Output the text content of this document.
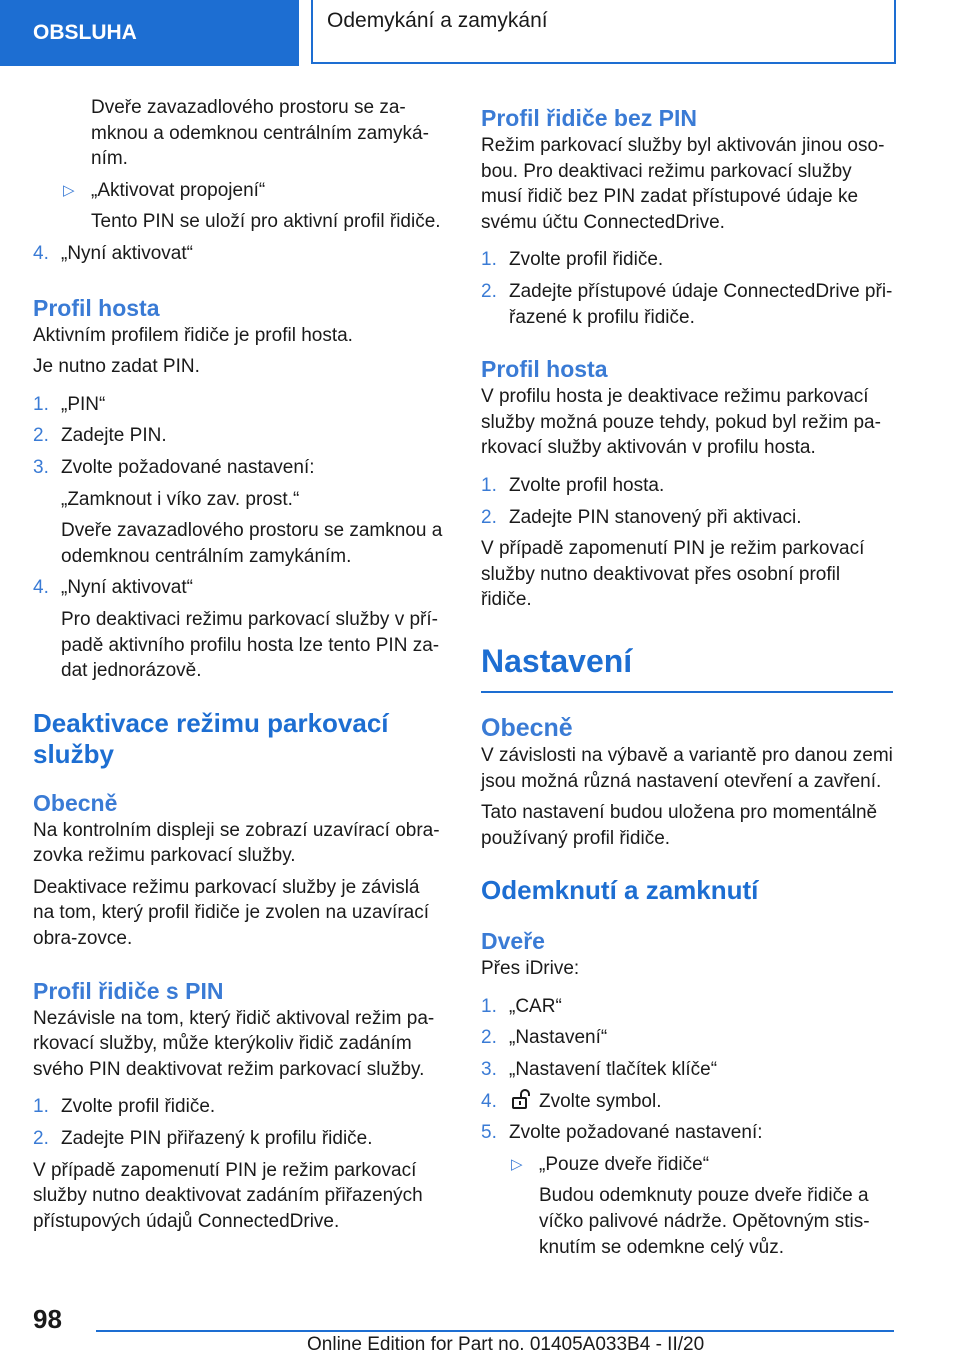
OBSLUHA
Odemykání a zamykání

Dveře zavazadlového prostoru se za-mknou a odemknou centrálním zamyká-ním.

▷ „Aktivovat propojení“

Tento PIN se uloží pro aktivní profil řidiče.

4. „Nyní aktivovat“
Profil hosta

Aktivním profilem řidiče je profil hosta.

Je nutno zadat PIN.

1. „PIN“
2. Zadejte PIN.
3. Zvolte požadované nastavení:

„Zamknout i víko zav. prost.“

Dveře zavazadlového prostoru se zamknou a odemknou centrálním zamykáním.

4. „Nyní aktivovat“

Pro deaktivaci režimu parkovací služby v pří-padě aktivního profilu hosta lze tento PIN za-dat jednorázově.

Deaktivace režimu parkovací služby
Obecně

Na kontrolním displeji se zobrazí uzavírací obra-zovka režimu parkovací služby.

Deaktivace režimu parkovací služby je závislá na tom, který profil řidiče je zvolen na uzavírací obra-zovce.

Profil řidiče s PIN

Nezávisle na tom, který řidič aktivoval režim pa-rkovací služby, může kterýkoliv řidič zadáním svého PIN deaktivovat režim parkovací služby.

1. Zvolte profil řidiče.
2. Zadejte PIN přiřazený k profilu řidiče.

V případě zapomenutí PIN je režim parkovací služby nutno deaktivovat zadáním přiřazených přístupových údajů ConnectedDrive.

Profil řidiče bez PIN

Režim parkovací služby byl aktivován jinou oso-bou. Pro deaktivaci režimu parkovací služby musí řidič bez PIN zadat přístupové údaje ke svému účtu ConnectedDrive.

1. Zvolte profil řidiče.
2. Zadejte přístupové údaje ConnectedDrive při-řazené k profilu řidiče.
Profil hosta

V profilu hosta je deaktivace režimu parkovací služby možná pouze tehdy, pokud byl režim pa-rkovací služby aktivován v profilu hosta.

1. Zvolte profil hosta.
2. Zadejte PIN stanovený při aktivaci.

V případě zapomenutí PIN je režim parkovací služby nutno deaktivovat přes osobní profil řidiče.

Nastavení
Obecně

V závislosti na výbavě a variantě pro danou zemi jsou možná různá nastavení otevření a zavření.

Tato nastavení budou uložena pro momentálně používaný profil řidiče.

Odemknutí a zamknutí
Dveře

Přes iDrive:

1. „CAR“
2. „Nastavení“
3. „Nastavení tlačítek klíče“
4. Zvolte symbol.
5. Zvolte požadované nastavení:
▷ „Pouze dveře řidiče“

Budou odemknuty pouze dveře řidiče a víčko palivové nádrže. Opětovným stis-knutím se odemkne celý vůz.

98
Online Edition for Part no. 01405A033B4 - II/20
